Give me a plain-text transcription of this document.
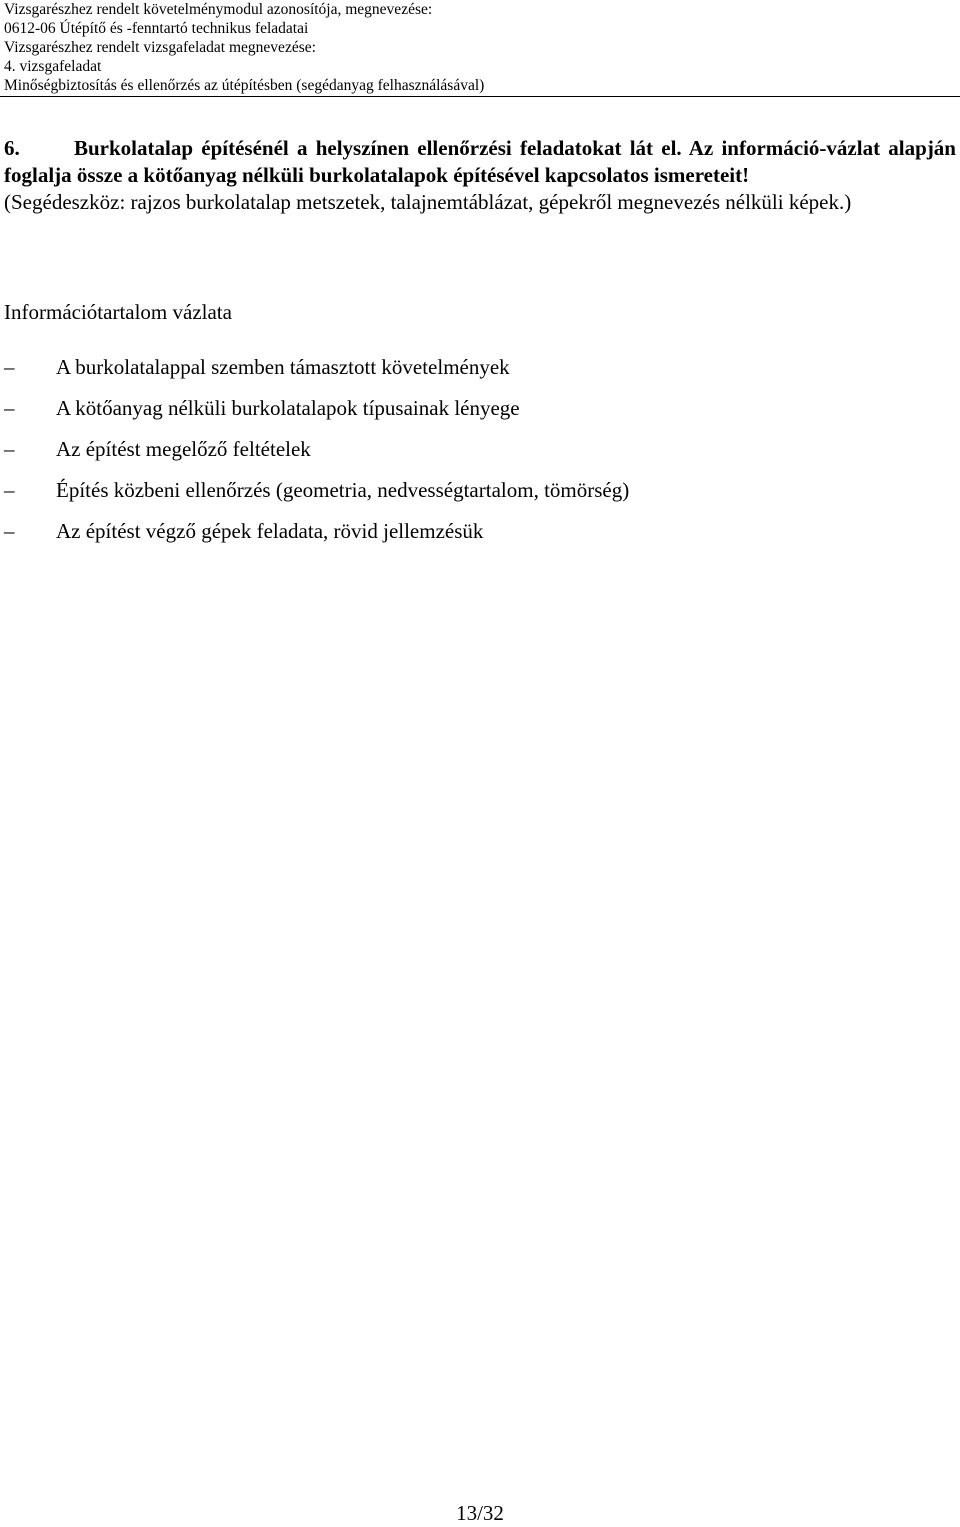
Vizsgarészhez rendelt követelménymodul azonosítója, megnevezése:
0612-06 Útépítő és -fenntartó technikus feladatai
Vizsgarészhez rendelt vizsgafeladat megnevezése:
4. vizsgafeladat
Minőségbiztosítás és ellenőrzés az útépítésben (segédanyag felhasználásával)
6.	Burkolatalap építésénél a helyszínen ellenőrzési feladatokat lát el. Az információ-vázlat alapján foglalja össze a kötőanyag nélküli burkolatalapok építésével kapcsolatos ismereteit!
(Segédeszköz: rajzos burkolatalap metszetek, talajnemtáblázat, gépekről megnevezés nélküli képek.)
Információtartalom vázlata
–	A burkolatalappal szemben támasztott követelmények
–	A kötőanyag nélküli burkolatalapok típusainak lényege
–	Az építést megelőző feltételek
–	Építés közbeni ellenőrzés (geometria, nedvességtartalom, tömörség)
–	Az építést végző gépek feladata, rövid jellemzésük
13/32
